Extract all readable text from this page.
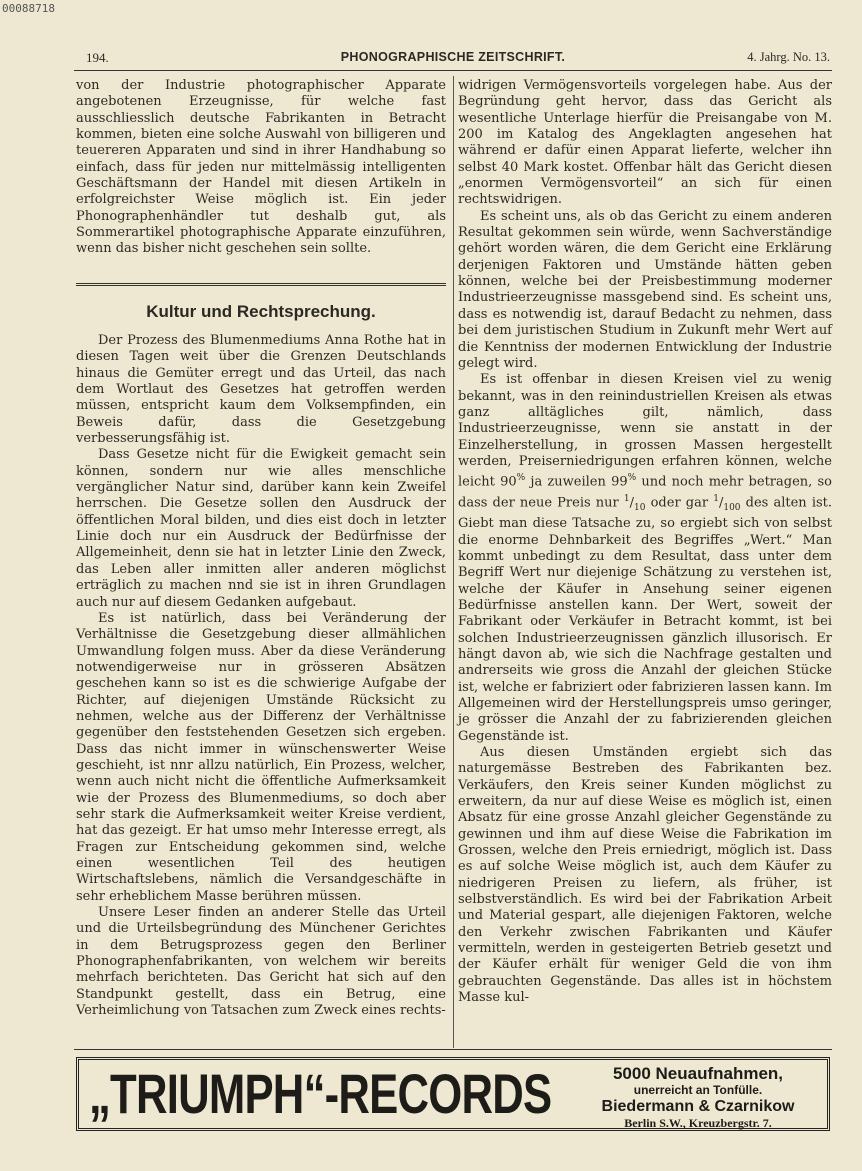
00088718
194.	PHONOGRAPHISCHE ZEITSCHRIFT.	4. Jahrg. No. 13.

von der Industrie photographischer Apparate angebotenen Erzeugnisse, für welche fast ausschliesslich deutsche Fabrikanten in Betracht kommen, bieten eine solche Auswahl von billigeren und teuereren Apparaten und sind in ihrer Handhabung so einfach, dass für jeden nur mittelmässig intelligenten Geschäftsmann der Handel mit diesen Artikeln in erfolgreichster Weise möglich ist. Ein jeder Phonographenhändler tut deshalb gut, als Sommerartikel photographische Apparate einzuführen, wenn das bisher nicht geschehen sein sollte.

Der Prozess des Blumenmediums Anna Rothe hat in diesen Tagen weit über die Grenzen Deutschlands hinaus die Gemüter erregt und das Urteil, das nach dem Wortlaut des Gesetzes hat getroffen werden müssen, entspricht kaum dem Volksempfinden, ein Beweis dafür, dass die Gesetzgebung verbesserungsfähig ist.

Dass Gesetze nicht für die Ewigkeit gemacht sein können, sondern nur wie alles menschliche vergänglicher Natur sind, darüber kann kein Zweifel herrschen. Die Gesetze sollen den Ausdruck der öffentlichen Moral bilden, und dies eist doch in letzter Linie doch nur ein Ausdruck der Bedürfnisse der Allgemeinheit, denn sie hat in letzter Linie den Zweck, das Leben aller inmitten aller anderen möglichst erträglich zu machen nnd sie ist in ihren Grundlagen auch nur auf diesem Gedanken aufgebaut.

Es ist natürlich, dass bei Veränderung der Verhältnisse die Gesetzgebung dieser allmählichen Umwandlung folgen muss. Aber da diese Veränderung notwendigerweise nur in grösseren Absätzen geschehen kann so ist es die schwierige Aufgabe der Richter, auf diejenigen Umstände Rücksicht zu nehmen, welche aus der Differenz der Verhältnisse gegenüber den feststehenden Gesetzen sich ergeben. Dass das nicht immer in wünschenswerter Weise geschieht, ist nnr allzu natürlich, Ein Prozess, welcher, wenn auch nicht nicht die öffentliche Aufmerksamkeit wie der Prozess des Blumenmediums, so doch aber sehr stark die Aufmerksamkeit weiter Kreise verdient, hat das gezeigt. Er hat umso mehr Interesse erregt, als Fragen zur Entscheidung gekommen sind, welche einen wesentlichen Teil des heutigen Wirtschaftslebens, nämlich die Versandgeschäfte in sehr erheblichem Masse berühren müssen.

Unsere Leser finden an anderer Stelle das Urteil und die Urteilsbegründung des Münchener Gerichtes in dem Betrugsprozess gegen den Berliner Phonographenfabrikanten, von welchem wir bereits mehrfach berichteten. Das Gericht hat sich auf den Standpunkt gestellt, dass ein Betrug, eine Verheimlichung von Tatsachen zum Zweck eines rechts-

Kultur und Rechtsprechung.

widrigen Vermögensvorteils vorgelegen habe. Aus der Begründung geht hervor, dass das Gericht als wesentliche Unterlage hierfür die Preisangabe von M. 200 im Katalog des Angeklagten angesehen hat während er dafür einen Apparat lieferte, welcher ihn selbst 40 Mark kostet. Offenbar hält das Gericht diesen „enormen Vermögensvorteil“ an sich für einen rechtswidrigen.

Es scheint uns, als ob das Gericht zu einem anderen Resultat gekommen sein würde, wenn Sachverständige gehört worden wären, die dem Gericht eine Erklärung derjenigen Faktoren und Umstände hätten geben können, welche bei der Preisbestimmung moderner Industrieerzeugnisse massgebend sind. Es scheint uns, dass es notwendig ist, darauf Bedacht zu nehmen, dass bei dem juristischen Studium in Zukunft mehr Wert auf die Kenntniss der modernen Entwicklung der Industrie gelegt wird.

Es ist offenbar in diesen Kreisen viel zu wenig bekannt, was in den reinindustriellen Kreisen als etwas ganz alltägliches gilt, nämlich, dass Industrieerzeugnisse, wenn sie anstatt in der Einzelherstellung, in grossen Massen hergestellt werden, Preiserniedrigungen erfahren können, welche leicht 90% ja zuweilen 99% und noch mehr betragen, so dass der neue Preis nur $^1/_{10}$ oder gar $^1/_{100}$ des alten ist. Giebt man diese Tatsache zu, so ergiebt sich von selbst die enorme Dehnbarkeit des Begriffes „Wert.“ Man kommt unbedingt zu dem Resultat, dass unter dem Begriff Wert nur diejenige Schätzung zu verstehen ist, welche der Käufer in Ansehung seiner eigenen Bedürfnisse anstellen kann. Der Wert, soweit der Fabrikant oder Verkäufer in Betracht kommt, ist bei solchen Industrieerzeugnissen gänzlich illusorisch. Er hängt davon ab, wie sich die Nachfrage gestalten und andrerseits wie gross die Anzahl der gleichen Stücke ist, welche er fabriziert oder fabrizieren lassen kann. Im Allgemeinen wird der Herstellungspreis umso geringer, je grösser die Anzahl der zu fabrizierenden gleichen Gegenstände ist.

Aus diesen Umständen ergiebt sich das naturgemässe Bestreben des Fabrikanten bez. Verkäufers, den Kreis seiner Kunden möglichst zu erweitern, da nur auf diese Weise es möglich ist, einen Absatz für eine grosse Anzahl gleicher Gegenstände zu gewinnen und ihm auf diese Weise die Fabrikation im Grossen, welche den Preis erniedrigt, möglich ist. Dass es auf solche Weise möglich ist, auch dem Käufer zu niedrigeren Preisen zu liefern, als früher, ist selbstverständlich. Es wird bei der Fabrikation Arbeit und Material gespart, alle diejenigen Faktoren, welche den Verkehr zwischen Fabrikanten und Käufer vermitteln, werden in gesteigerten Betrieb gesetzt und der Käufer erhält für weniger Geld die von ihm gebrauchten Gegenstände. Das alles ist in höchstem Masse kul-

„TRIUMPH“-RECORDS	5000 Neuaufnahmen,
unerreicht an Tonfülle.
Biedermann & Czarnikow
Berlin S.W., Kreuzbergstr. 7.
